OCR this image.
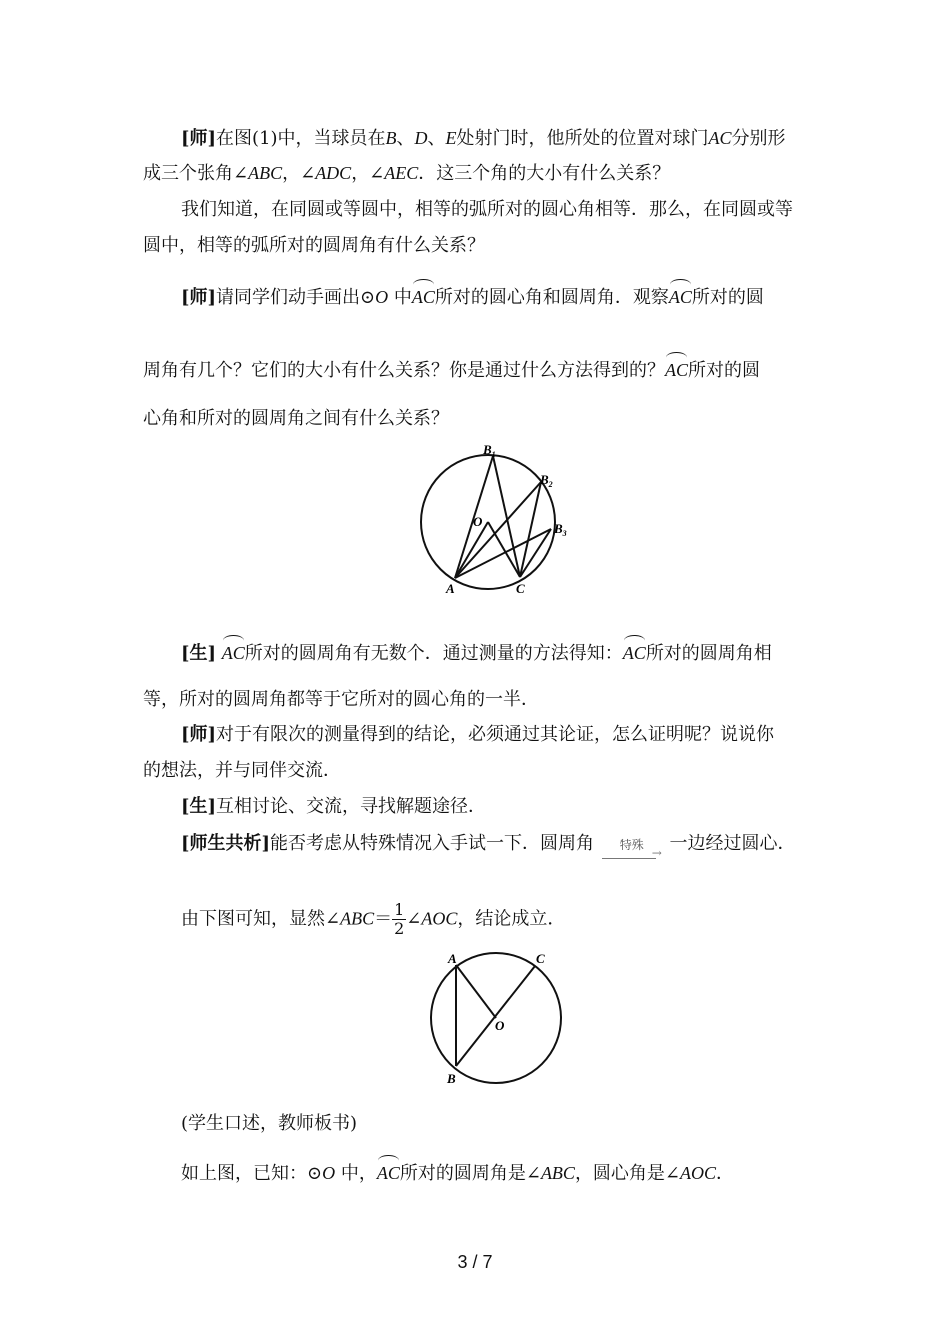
[师]在图(1)中，当球员在B、D、E处射门时，他所处的位置对球门AC分别形
成三个张角∠ABC，∠ADC，∠AEC．这三个角的大小有什么关系？
我们知道，在同圆或等圆中，相等的弧所对的圆心角相等．那么，在同圆或等
圆中，相等的弧所对的圆周角有什么关系？
[师]请同学们动手画出⊙O 中AC所对的圆心角和圆周角．观察AC所对的圆
周角有几个？它们的大小有什么关系？你是通过什么方法得到的？AC所对的圆
心角和所对的圆周角之间有什么关系？
$B_1$
$B_2$
$B_3$
O
A	C
[生] AC所对的圆周角有无数个．通过测量的方法得知：AC所对的圆周角相
等，所对的圆周角都等于它所对的圆心角的一半．
[师]对于有限次的测量得到的结论，必须通过其论证，怎么证明呢？说说你
的想法，并与同伴交流．
[生]互相讨论、交流，寻找解题途径．
[师生共析]能否考虑从特殊情况入手试一下．圆周角 特殊
→ 一边经过圆心．
由下图可知，显然∠ABC＝ $\frac{1}{2}$ ∠AOC，结论成立．
A	C
O
B
(学生口述，教师板书)
如上图，已知：⊙O 中，AC所对的圆周角是∠ABC，圆心角是∠AOC．
3 / 7
